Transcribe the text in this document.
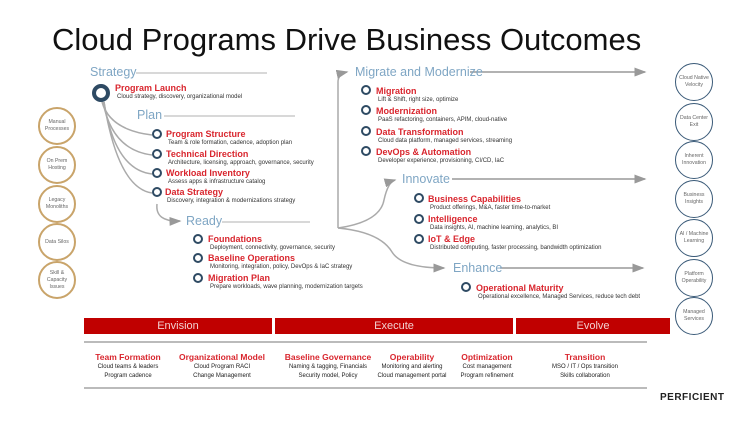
Cloud Programs Drive Business Outcomes
Strategy
Plan
Ready
Migrate and Modernize
Innovate
Enhance
Program Launch
Cloud strategy, discovery, organizational model
Program Structure
Team & role formation, cadence, adoption plan
Technical Direction
Architecture, licensing, approach, governance, security
Workload Inventory
Assess apps & infrastructure catalog
Data Strategy
Discovery, integration & modernizations strategy
Foundations
Deployment, connectivity, governance, security
Baseline Operations
Monitoring, integration, policy, DevOps & IaC strategy
Migration Plan
Prepare workloads, wave planning, modernization targets
Migration
Lift & Shift, right size, optimize
Modernization
PaaS refactoring, containers, APIM, cloud-native
Data Transformation
Cloud data platform, managed services, streaming
DevOps & Automation
Developer experience, provisioning, CI/CD, IaC
Business Capabilities
Product offerings, M&A, faster time-to-market
Intelligence
Data insights, AI, machine learning, analytics, BI
IoT & Edge
Distributed computing, faster processing, bandwidth optimization
Operational Maturity
Operational excellence, Managed Services, reduce tech debt
Manual Processes
On Prem Hosting
Legacy Monoliths
Data Silos
Skill & Capacity Issues
Cloud Native Velocity
Data Center Exit
Inherent Innovation
Business Insights
AI / Machine Learning
Platform Operability
Managed Services
Envision	Execute	Evolve
Team Formation
Cloud teams & leaders
Program cadence
Organizational Model
Cloud Program RACI
Change Management
Baseline Governance
Naming & tagging, Financials
Security model, Policy
Operability
Monitoring and alerting
Cloud management portal
Optimization
Cost management
Program refinement
Transition
MSO / IT / Ops transition
Skills collaboration
PERFICIENT
